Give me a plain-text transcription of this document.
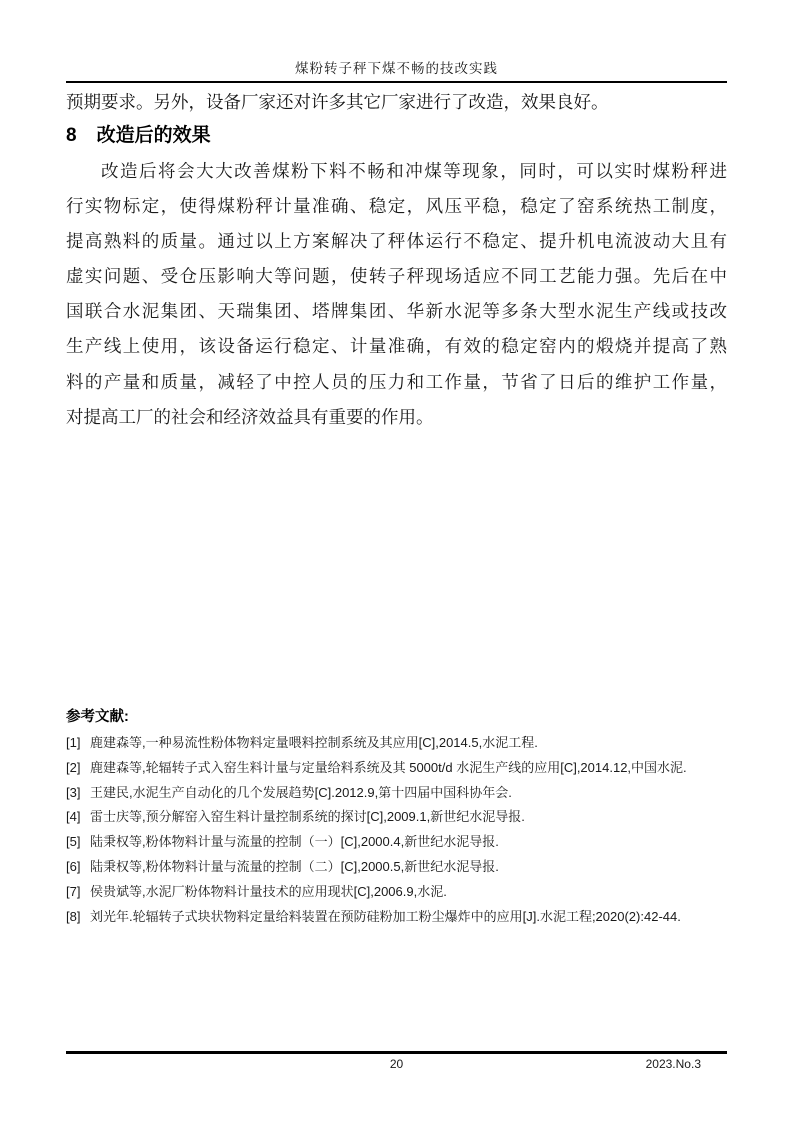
煤粉转子秤下煤不畅的技改实践
预期要求。另外，设备厂家还对许多其它厂家进行了改造，效果良好。
8 改造后的效果
改造后将会大大改善煤粉下料不畅和冲煤等现象，同时，可以实时煤粉秤进
行实物标定，使得煤粉秤计量准确、稳定，风压平稳，稳定了窑系统热工制度，
提高熟料的质量。通过以上方案解决了秤体运行不稳定、提升机电流波动大且有
虚实问题、受仓压影响大等问题，使转子秤现场适应不同工艺能力强。先后在中
国联合水泥集团、天瑞集团、塔牌集团、华新水泥等多条大型水泥生产线或技改
生产线上使用，该设备运行稳定、计量准确，有效的稳定窑内的煅烧并提高了熟
料的产量和质量，减轻了中控人员的压力和工作量，节省了日后的维护工作量，
对提高工厂的社会和经济效益具有重要的作用。
参考文献:
[1] 鹿建森等,一种易流性粉体物料定量喂料控制系统及其应用[C],2014.5,水泥工程.
[2] 鹿建森等,轮辐转子式入窑生料计量与定量给料系统及其 5000t/d 水泥生产线的应用[C],2014.12,中国水泥.
[3] 王建民,水泥生产自动化的几个发展趋势[C].2012.9,第十四届中国科协年会.
[4] 雷士庆等,预分解窑入窑生料计量控制系统的探讨[C],2009.1,新世纪水泥导报.
[5] 陆秉权等,粉体物料计量与流量的控制（一）[C],2000.4,新世纪水泥导报.
[6] 陆秉权等,粉体物料计量与流量的控制（二）[C],2000.5,新世纪水泥导报.
[7] 侯贵斌等,水泥厂粉体物料计量技术的应用现状[C],2006.9,水泥.
[8] 刘光年.轮辐转子式块状物料定量给料装置在预防硅粉加工粉尘爆炸中的应用[J].水泥工程;2020(2):42-44.
20	2023.No.3
